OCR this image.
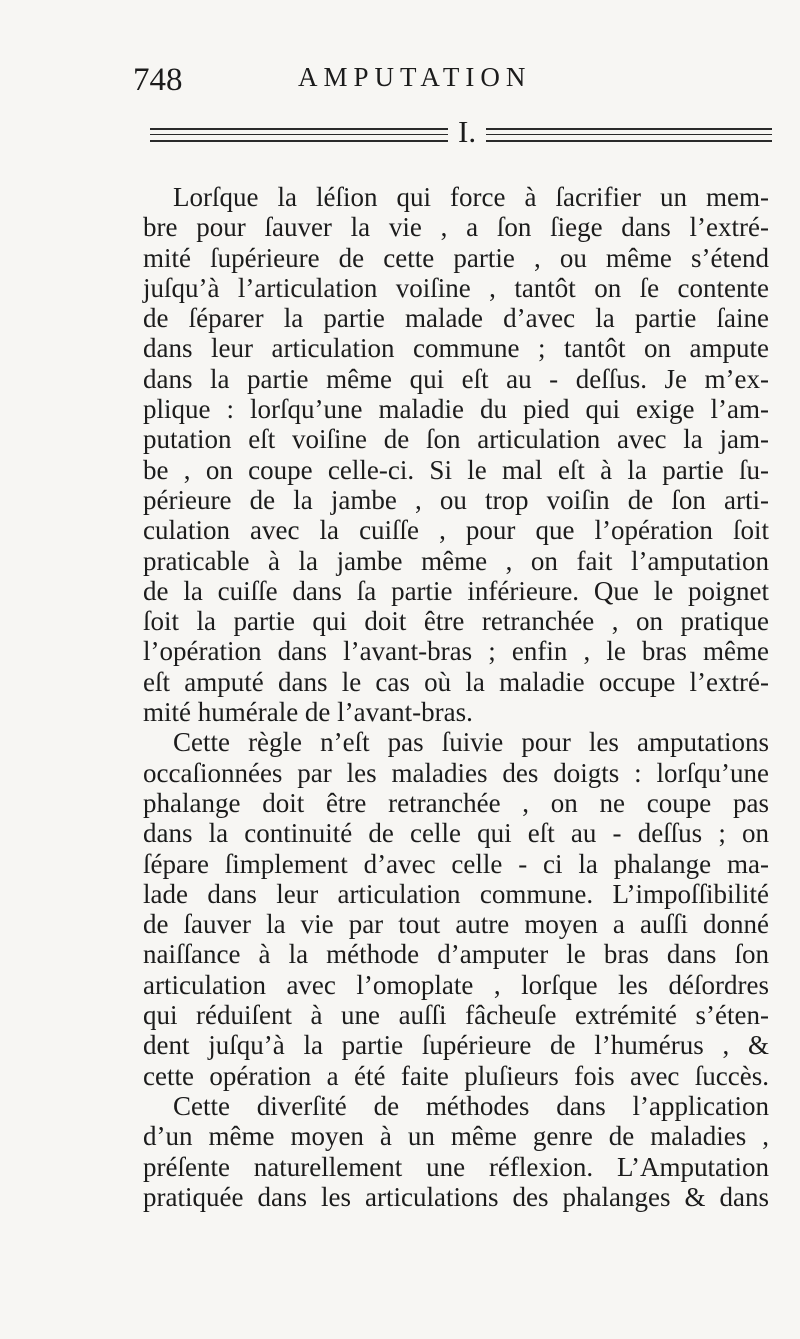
748	AMPUTATION
I.
Lorſque la léſion qui force à ſacrifier un mem-
bre pour ſauver la vie , a ſon ſiege dans l’extré-
mité ſupérieure de cette partie , ou même s’étend
juſqu’à l’articulation voiſine , tantôt on ſe contente
de ſéparer la partie malade d’avec la partie ſaine
dans leur articulation commune ; tantôt on ampute
dans la partie même qui eſt au - deſſus. Je m’ex-
plique : lorſqu’une maladie du pied qui exige l’am-
putation eſt voiſine de ſon articulation avec la jam-
be , on coupe celle-ci. Si le mal eſt à la partie ſu-
périeure de la jambe , ou trop voiſin de ſon arti-
culation avec la cuiſſe , pour que l’opération ſoit
praticable à la jambe même , on fait l’amputation
de la cuiſſe dans ſa partie inférieure. Que le poignet
ſoit la partie qui doit être retranchée , on pratique
l’opération dans l’avant-bras ; enfin , le bras même
eſt amputé dans le cas où la maladie occupe l’extré-
mité humérale de l’avant-bras.
Cette règle n’eſt pas ſuivie pour les amputations
occaſionnées par les maladies des doigts : lorſqu’une
phalange doit être retranchée , on ne coupe pas
dans la continuité de celle qui eſt au - deſſus ; on
ſépare ſimplement d’avec celle - ci la phalange ma-
lade dans leur articulation commune. L’impoſſibilité
de ſauver la vie par tout autre moyen a auſſi donné
naiſſance à la méthode d’amputer le bras dans ſon
articulation avec l’omoplate , lorſque les déſordres
qui réduiſent à une auſſi fâcheuſe extrémité s’éten-
dent juſqu’à la partie ſupérieure de l’humérus , &
cette opération a été faite pluſieurs fois avec ſuccès.
Cette diverſité de méthodes dans l’application
d’un même moyen à un même genre de maladies ,
préſente naturellement une réflexion. L’Amputation
pratiquée dans les articulations des phalanges & dans
